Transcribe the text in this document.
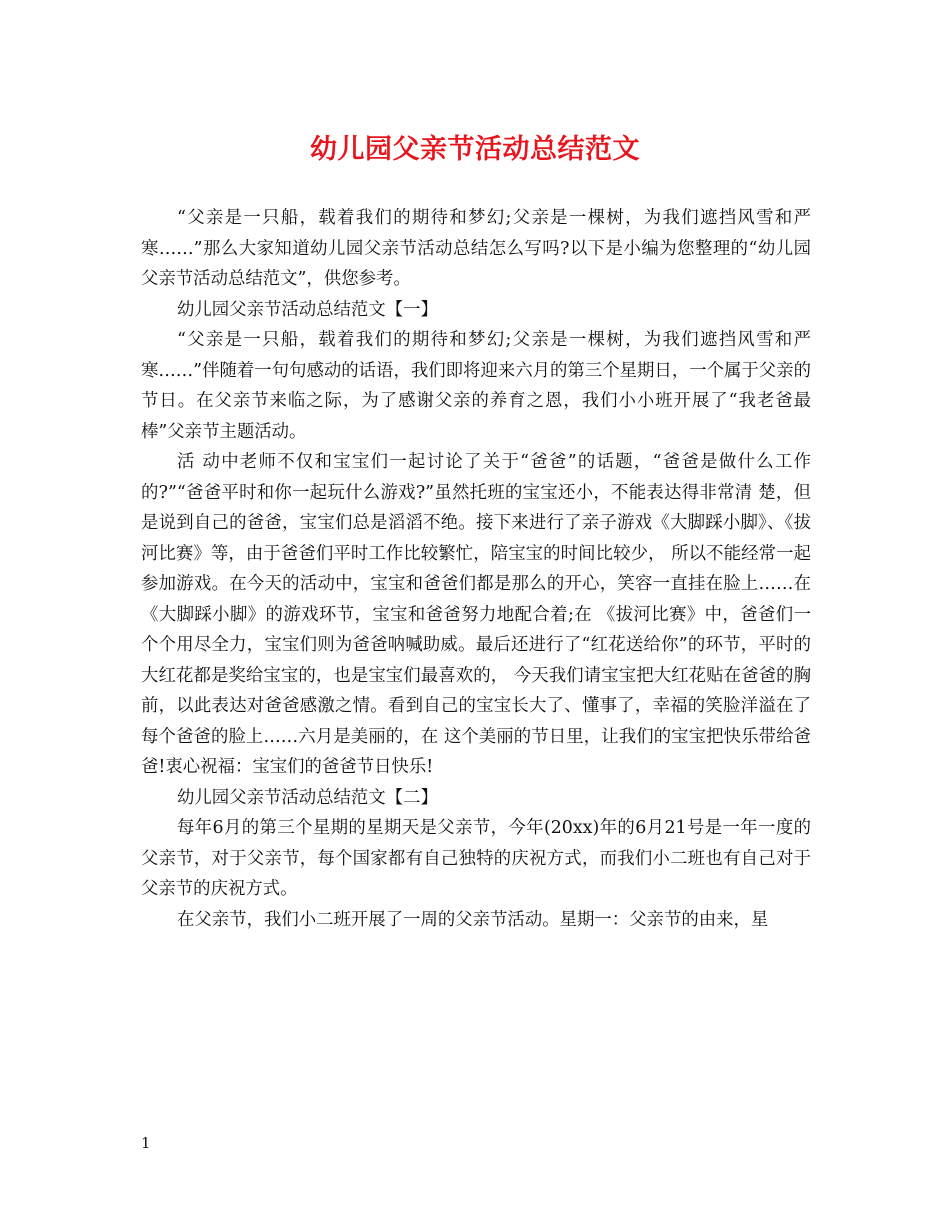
幼儿园父亲节活动总结范文

“父亲是一只船，载着我们的期待和梦幻;父亲是一棵树，为我们遮挡风雪和严寒……”那么大家知道幼儿园父亲节活动总结怎么写吗?以下是小编为您整理的“幼儿园父亲节活动总结范文”，供您参考。

幼儿园父亲节活动总结范文【一】

“父亲是一只船，载着我们的期待和梦幻;父亲是一棵树，为我们遮挡风雪和严寒……”伴随着一句句感动的话语，我们即将迎来六月的第三个星期日，一个属于父亲的节日。在父亲节来临之际，为了感谢父亲的养育之恩，我们小小班开展了“我老爸最棒”父亲节主题活动。

活 动中老师不仅和宝宝们一起讨论了关于“爸爸”的话题，“爸爸是做什么工作的?”“爸爸平时和你一起玩什么游戏?”虽然托班的宝宝还小，不能表达得非常清 楚，但是说到自己的爸爸，宝宝们总是滔滔不绝。接下来进行了亲子游戏《大脚踩小脚》、《拔河比赛》等，由于爸爸们平时工作比较繁忙，陪宝宝的时间比较少， 所以不能经常一起参加游戏。在今天的活动中，宝宝和爸爸们都是那么的开心，笑容一直挂在脸上……在《大脚踩小脚》的游戏环节，宝宝和爸爸努力地配合着;在 《拔河比赛》中，爸爸们一个个用尽全力，宝宝们则为爸爸呐喊助威。最后还进行了“红花送给你”的环节，平时的大红花都是奖给宝宝的，也是宝宝们最喜欢的， 今天我们请宝宝把大红花贴在爸爸的胸前，以此表达对爸爸感激之情。看到自己的宝宝长大了、懂事了，幸福的笑脸洋溢在了每个爸爸的脸上……六月是美丽的，在 这个美丽的节日里，让我们的宝宝把快乐带给爸爸!衷心祝福：宝宝们的爸爸节日快乐!

幼儿园父亲节活动总结范文【二】

每年6月的第三个星期的星期天是父亲节，今年(20xx)年的6月21号是一年一度的父亲节，对于父亲节，每个国家都有自己独特的庆祝方式，而我们小二班也有自己对于父亲节的庆祝方式。

在父亲节，我们小二班开展了一周的父亲节活动。星期一：父亲节的由来，星

1
